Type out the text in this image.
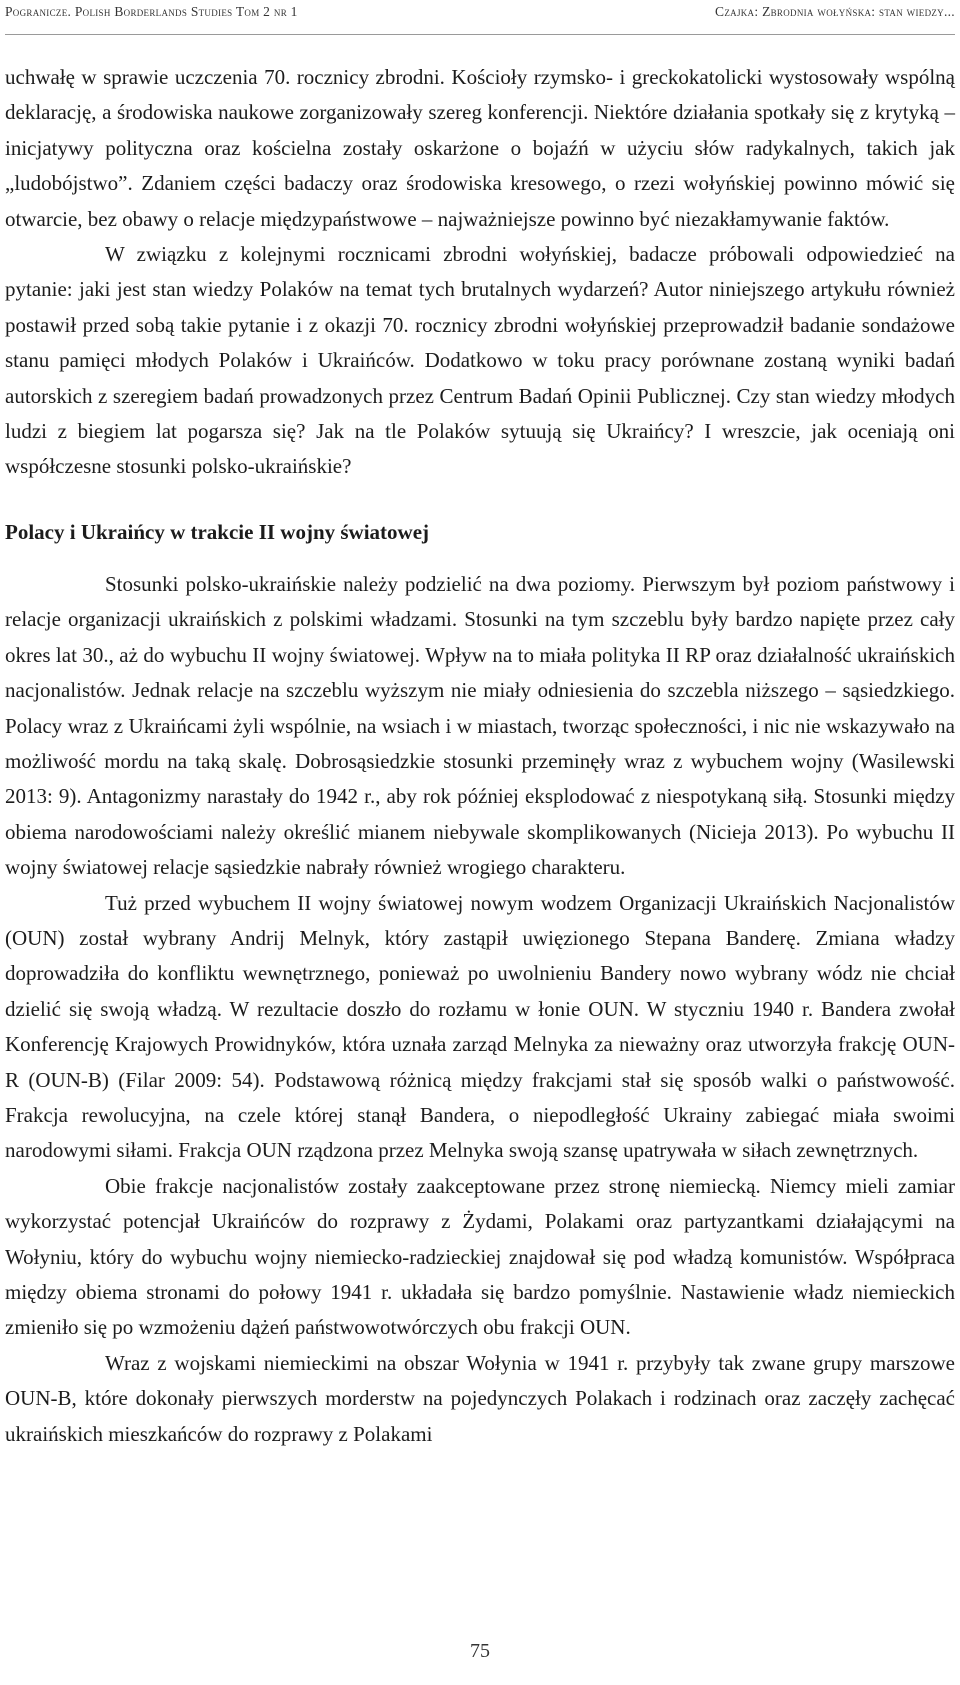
Pogranicze. Polish Borderlands Studies Tom 2 nr 1	Czajka: Zbrodnia wołyńska: stan wiedzy...

uchwałę w sprawie uczczenia 70. rocznicy zbrodni. Kościoły rzymsko- i greckokatolicki wystosowały wspólną deklarację, a środowiska naukowe zorganizowały szereg konferencji. Niektóre działania spotkały się z krytyką – inicjatywy polityczna oraz kościelna zostały oskarżone o bojaźń w użyciu słów radykalnych, takich jak „ludobójstwo”. Zdaniem części badaczy oraz środowiska kresowego, o rzezi wołyńskiej powinno mówić się otwarcie, bez obawy o relacje międzypaństwowe – najważniejsze powinno być niezakłamywanie faktów.

W związku z kolejnymi rocznicami zbrodni wołyńskiej, badacze próbowali odpowiedzieć na pytanie: jaki jest stan wiedzy Polaków na temat tych brutalnych wydarzeń? Autor niniejszego artykułu również postawił przed sobą takie pytanie i z okazji 70. rocznicy zbrodni wołyńskiej przeprowadził badanie sondażowe stanu pamięci młodych Polaków i Ukraińców. Dodatkowo w toku pracy porównane zostaną wyniki badań autorskich z szeregiem badań prowadzonych przez Centrum Badań Opinii Publicznej. Czy stan wiedzy młodych ludzi z biegiem lat pogarsza się? Jak na tle Polaków sytuują się Ukraińcy? I wreszcie, jak oceniają oni współczesne stosunki polsko-ukraińskie?

Polacy i Ukraińcy w trakcie II wojny światowej

Stosunki polsko-ukraińskie należy podzielić na dwa poziomy. Pierwszym był poziom państwowy i relacje organizacji ukraińskich z polskimi władzami. Stosunki na tym szczeblu były bardzo napięte przez cały okres lat 30., aż do wybuchu II wojny światowej. Wpływ na to miała polityka II RP oraz działalność ukraińskich nacjonalistów. Jednak relacje na szczeblu wyższym nie miały odniesienia do szczebla niższego – sąsiedzkiego. Polacy wraz z Ukraińcami żyli wspólnie, na wsiach i w miastach, tworząc społeczności, i nic nie wskazywało na możliwość mordu na taką skalę. Dobrosąsiedzkie stosunki przeminęły wraz z wybuchem wojny (Wasilewski 2013: 9). Antagonizmy narastały do 1942 r., aby rok później eksplodować z niespotykaną siłą. Stosunki między obiema narodowościami należy określić mianem niebywale skomplikowanych (Nicieja 2013). Po wybuchu II wojny światowej relacje sąsiedzkie nabrały również wrogiego charakteru.

Tuż przed wybuchem II wojny światowej nowym wodzem Organizacji Ukraińskich Nacjonalistów (OUN) został wybrany Andrij Melnyk, który zastąpił uwięzionego Stepana Banderę. Zmiana władzy doprowadziła do konfliktu wewnętrznego, ponieważ po uwolnieniu Bandery nowo wybrany wódz nie chciał dzielić się swoją władzą. W rezultacie doszło do rozłamu w łonie OUN. W styczniu 1940 r. Bandera zwołał Konferencję Krajowych Prowidnyków, która uznała zarząd Melnyka za nieważny oraz utworzyła frakcję OUN-R (OUN-B) (Filar 2009: 54). Podstawową różnicą między frakcjami stał się sposób walki o państwowość. Frakcja rewolucyjna, na czele której stanął Bandera, o niepodległość Ukrainy zabiegać miała swoimi narodowymi siłami. Frakcja OUN rządzona przez Melnyka swoją szansę upatrywała w siłach zewnętrznych.

Obie frakcje nacjonalistów zostały zaakceptowane przez stronę niemiecką. Niemcy mieli zamiar wykorzystać potencjał Ukraińców do rozprawy z Żydami, Polakami oraz partyzantkami działającymi na Wołyniu, który do wybuchu wojny niemiecko-radzieckiej znajdował się pod władzą komunistów. Współpraca między obiema stronami do połowy 1941 r. układała się bardzo pomyślnie. Nastawienie władz niemieckich zmieniło się po wzmożeniu dążeń państwowotwórczych obu frakcji OUN.

Wraz z wojskami niemieckimi na obszar Wołynia w 1941 r. przybyły tak zwane grupy marszowe OUN-B, które dokonały pierwszych morderstw na pojedynczych Polakach i rodzinach oraz zaczęły zachęcać ukraińskich mieszkańców do rozprawy z Polakami

75
